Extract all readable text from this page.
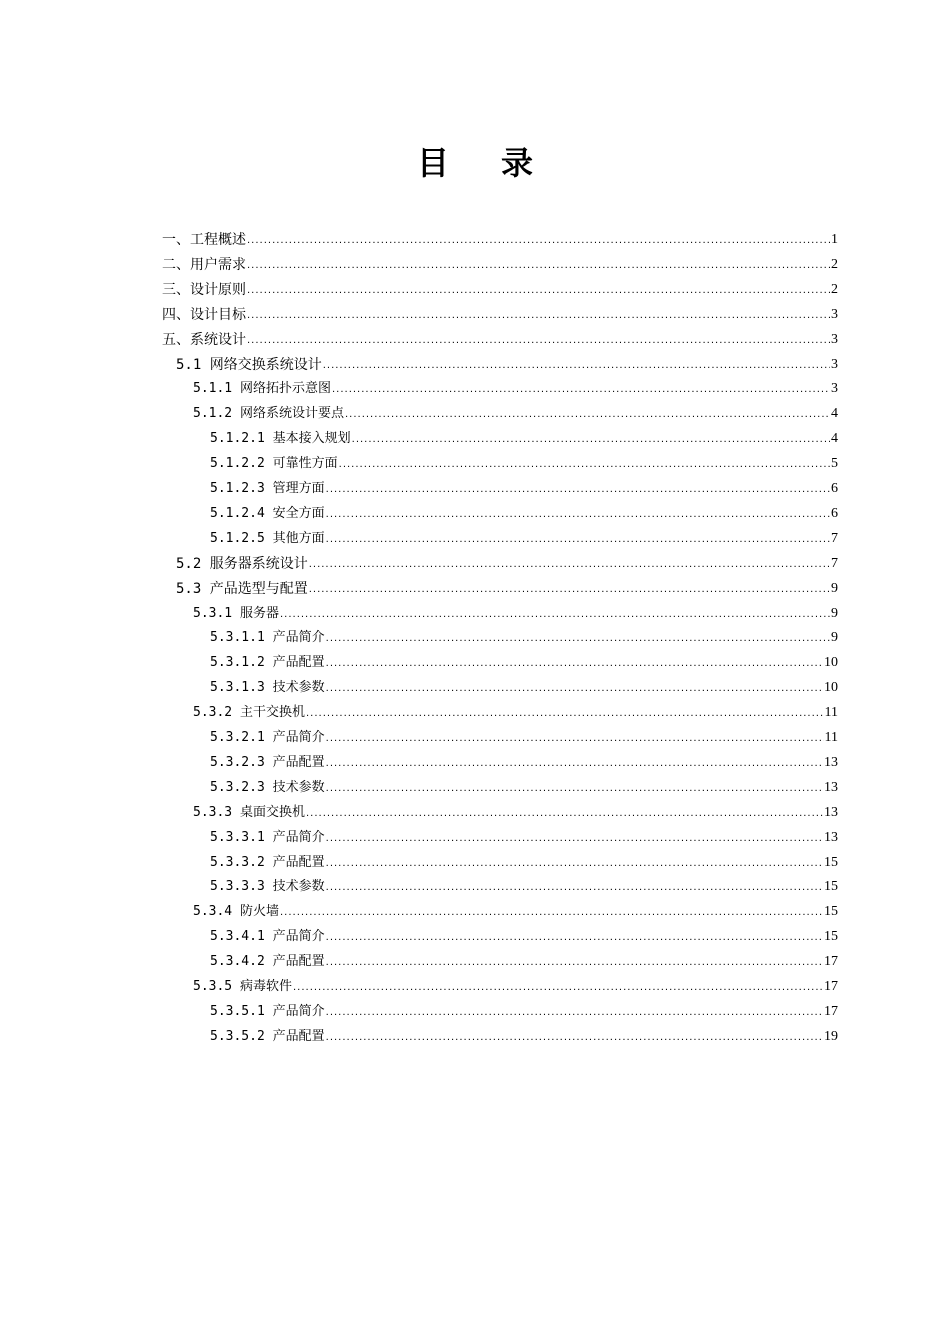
目 录
一、工程概述 .....	1
二、用户需求 .....	2
三、设计原则 .....	2
四、设计目标 .....	3
五、系统设计 .....	3
5.1 网络交换系统设计 .....	3
5.1.1 网络拓扑示意图 .....	3
5.1.2 网络系统设计要点 .....	4
5.1.2.1 基本接入规划 .....	4
5.1.2.2 可靠性方面 .....	5
5.1.2.3 管理方面 .....	6
5.1.2.4 安全方面 .....	6
5.1.2.5 其他方面 .....	7
5.2 服务器系统设计 .....	7
5.3 产品选型与配置 .....	9
5.3.1 服务器 .....	9
5.3.1.1 产品简介 .....	9
5.3.1.2 产品配置 .....	10
5.3.1.3 技术参数 .....	10
5.3.2 主干交换机 .....	11
5.3.2.1 产品简介 .....	11
5.3.2.3 产品配置 .....	13
5.3.2.3 技术参数 .....	13
5.3.3 桌面交换机 .....	13
5.3.3.1 产品简介 .....	13
5.3.3.2 产品配置 .....	15
5.3.3.3 技术参数 .....	15
5.3.4 防火墙 .....	15
5.3.4.1 产品简介 .....	15
5.3.4.2 产品配置 .....	17
5.3.5 病毒软件 .....	17
5.3.5.1 产品简介 .....	17
5.3.5.2 产品配置 .....	19
